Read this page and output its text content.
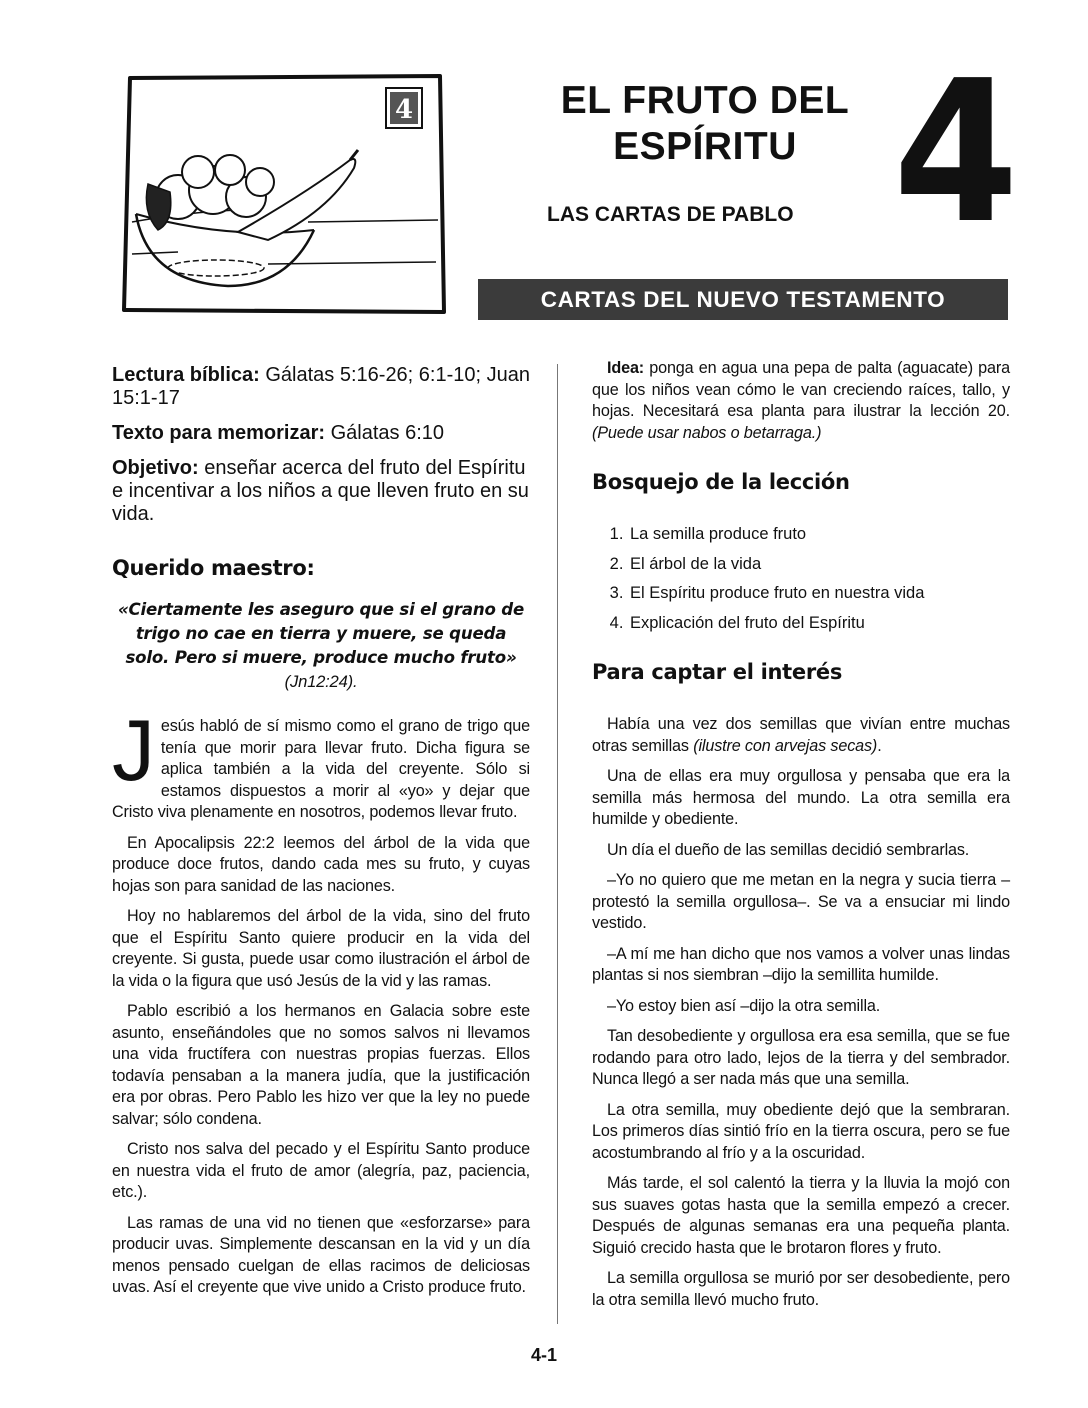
4	EL FRUTO DEL
ESPÍRITU
LAS CARTAS DE PABLO 4
CARTAS DEL NUEVO TESTAMENTO

Lectura bíblica: Gálatas 5:16-26; 6:1-10; Juan 15:1-17

Texto para memorizar: Gálatas 6:10

Objetivo: enseñar acerca del fruto del Espíritu e incentivar a los niños a que lleven fruto en su vida.

Querido maestro:

«Ciertamente les aseguro que si el grano de trigo no cae en tierra y muere, se queda solo. Pero si muere, produce mucho fruto» (Jn12:24).

Jesús habló de sí mismo como el grano de trigo que tenía que morir para llevar fruto. Dicha figura se aplica también a la vida del creyente. Sólo si estamos dispuestos a morir al «yo» y dejar que Cristo viva plenamente en nosotros, podemos llevar fruto.

En Apocalipsis 22:2 leemos del árbol de la vida que produce doce frutos, dando cada mes su fruto, y cuyas hojas son para sanidad de las naciones.

Hoy no hablaremos del árbol de la vida, sino del fruto que el Espíritu Santo quiere producir en la vida del creyente. Si gusta, puede usar como ilustración el árbol de la vida o la figura que usó Jesús de la vid y las ramas.

Pablo escribió a los hermanos en Galacia sobre este asunto, enseñándoles que no somos salvos ni llevamos una vida fructífera con nuestras propias fuerzas. Ellos todavía pensaban a la manera judía, que la justificación era por obras. Pero Pablo les hizo ver que la ley no puede salvar; sólo condena.

Cristo nos salva del pecado y el Espíritu Santo produce en nuestra vida el fruto de amor (alegría, paz, paciencia, etc.).

Las ramas de una vid no tienen que «esforzarse» para producir uvas. Simplemente descansan en la vid y un día menos pensado cuelgan de ellas racimos de deliciosas uvas. Así el creyente que vive unido a Cristo produce fruto.

Idea: ponga en agua una pepa de palta (aguacate) para que los niños vean cómo le van creciendo raíces, tallo, y hojas. Necesitará esa planta para ilustrar la lección 20. (Puede usar nabos o betarraga.)

Bosquejo de la lección
1. La semilla produce fruto
2. El árbol de la vida
3. El Espíritu produce fruto en nuestra vida
4. Explicación del fruto del Espíritu
Para captar el interés

Había una vez dos semillas que vivían entre muchas otras semillas (ilustre con arvejas secas).

Una de ellas era muy orgullosa y pensaba que era la semilla más hermosa del mundo. La otra semilla era humilde y obediente.

Un día el dueño de las semillas decidió sembrarlas.

–Yo no quiero que me metan en la negra y sucia tierra –protestó la semilla orgullosa–. Se va a ensuciar mi lindo vestido.

–A mí me han dicho que nos vamos a volver unas lindas plantas si nos siembran –dijo la semillita humilde.

–Yo estoy bien así –dijo la otra semilla.

Tan desobediente y orgullosa era esa semilla, que se fue rodando para otro lado, lejos de la tierra y del sembrador. Nunca llegó a ser nada más que una semilla.

La otra semilla, muy obediente dejó que la sembraran. Los primeros días sintió frío en la tierra oscura, pero se fue acostumbrando al frío y a la oscuridad.

Más tarde, el sol calentó la tierra y la lluvia la mojó con sus suaves gotas hasta que la semilla empezó a crecer. Después de algunas semanas era una pequeña planta. Siguió crecido hasta que le brotaron flores y fruto.

La semilla orgullosa se murió por ser desobediente, pero la otra semilla llevó mucho fruto.

4-1
